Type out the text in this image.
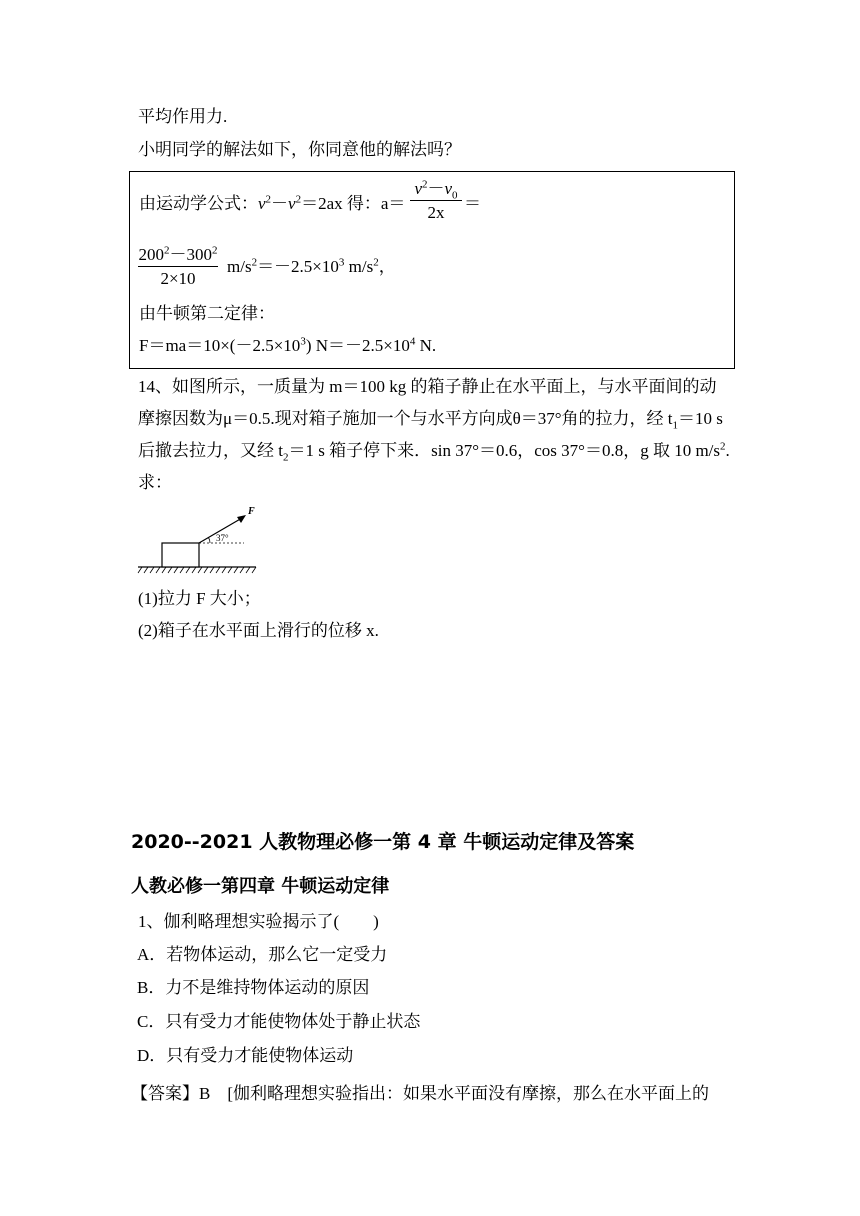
平均作用力.
小明同学的解法如下，你同意他的解法吗？
由运动学公式：$v^2-v^2=2ax$ 得：$a= \frac{v^2-v_0}{2x}$ ＝
$\frac{200^2-300^2}{2\times 10} m/s^2=-2.5\times 10^3$ $m/s^2$，
由牛顿第二定律：
$F=ma=10\times(-2.5\times 10^3)$ $N=-2.5\times 10^4$ N.
14、如图所示，一质量为 m＝100 kg 的箱子静止在水平面上，与水平面间的动
摩擦因数为μ＝0.5.现对箱子施加一个与水平方向成θ＝37°角的拉力，经 $t_1=10$ s
后撤去拉力，又经 $t_2=1$ s 箱子停下来．sin 37°＝0.6，cos 37°＝0.8，g 取 10 $m/s^2$.
求：
F
37°
(1)拉力 F 大小；
(2)箱子在水平面上滑行的位移 x.
2020--2021 人教物理必修一第 4 章 牛顿运动定律及答案
人教必修一第四章 牛顿运动定律
1、伽利略理想实验揭示了(　　)
A．若物体运动，那么它一定受力
B．力不是维持物体运动的原因
C．只有受力才能使物体处于静止状态
D．只有受力才能使物体运动
【答案】B　[伽利略理想实验指出：如果水平面没有摩擦，那么在水平面上的
